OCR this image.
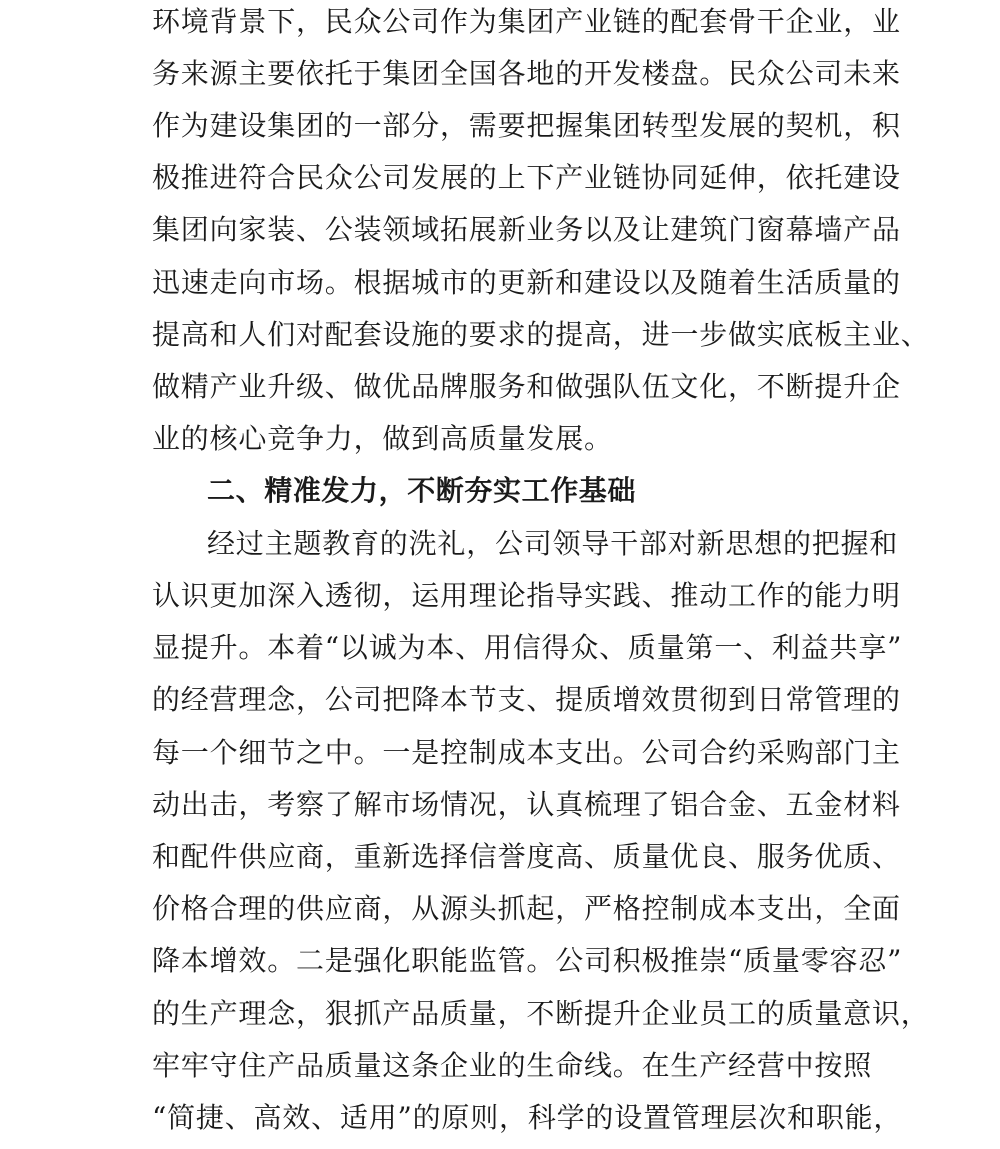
环境背景下，民众公司作为集团产业链的配套骨干企业，业
务来源主要依托于集团全国各地的开发楼盘。民众公司未来
作为建设集团的一部分，需要把握集团转型发展的契机，积
极推进符合民众公司发展的上下产业链协同延伸，依托建设
集团向家装、公装领域拓展新业务以及让建筑门窗幕墙产品
迅速走向市场。根据城市的更新和建设以及随着生活质量的
提高和人们对配套设施的要求的提高，进一步做实底板主业、
做精产业升级、做优品牌服务和做强队伍文化，不断提升企
业的核心竞争力，做到高质量发展。
二、精准发力，不断夯实工作基础
经过主题教育的洗礼，公司领导干部对新思想的把握和
认识更加深入透彻，运用理论指导实践、推动工作的能力明
显提升。本着“以诚为本、用信得众、质量第一、利益共享”
的经营理念，公司把降本节支、提质增效贯彻到日常管理的
每一个细节之中。一是控制成本支出。公司合约采购部门主
动出击，考察了解市场情况，认真梳理了铝合金、五金材料
和配件供应商，重新选择信誉度高、质量优良、服务优质、
价格合理的供应商，从源头抓起，严格控制成本支出，全面
降本增效。二是强化职能监管。公司积极推崇“质量零容忍”
的生产理念，狠抓产品质量，不断提升企业员工的质量意识，
牢牢守住产品质量这条企业的生命线。在生产经营中按照
“简捷、高效、适用”的原则，科学的设置管理层次和职能，
